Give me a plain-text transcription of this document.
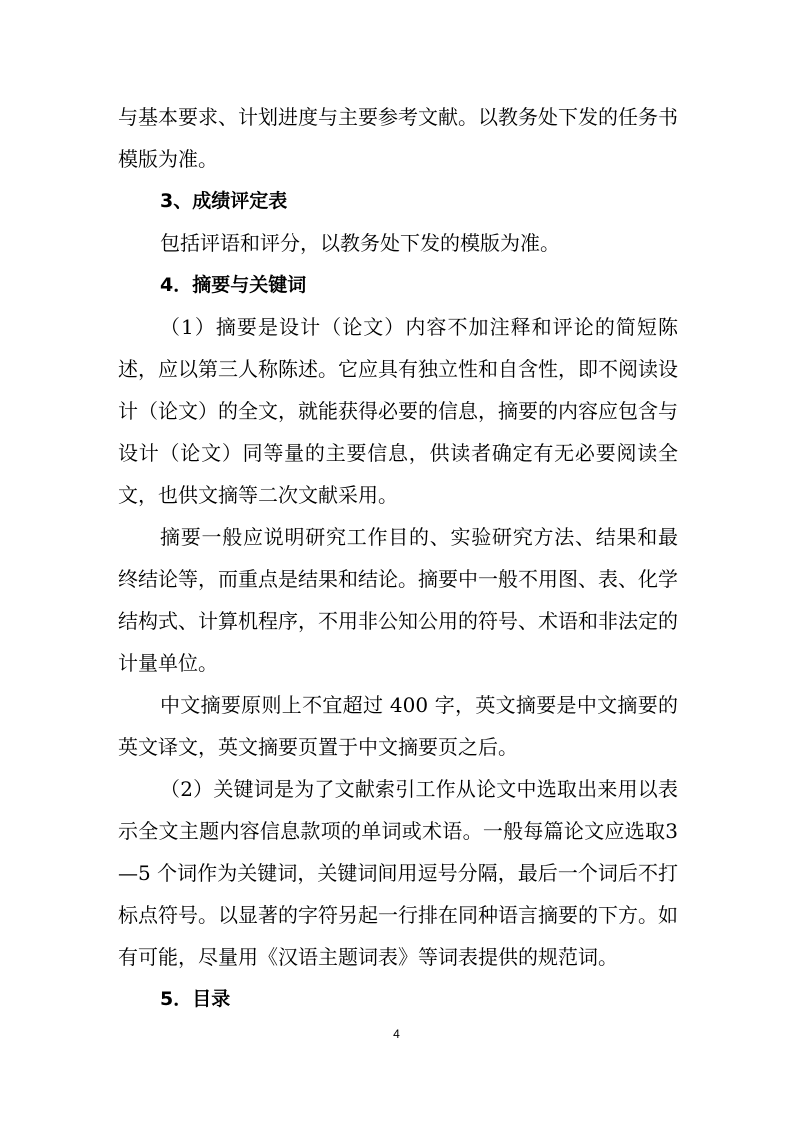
与基本要求、计划进度与主要参考文献。以教务处下发的任务书模版为准。

3、成绩评定表

包括评语和评分，以教务处下发的模版为准。

4．摘要与关键词

（1）摘要是设计（论文）内容不加注释和评论的简短陈述，应以第三人称陈述。它应具有独立性和自含性，即不阅读设计（论文）的全文，就能获得必要的信息，摘要的内容应包含与设计（论文）同等量的主要信息，供读者确定有无必要阅读全文，也供文摘等二次文献采用。

摘要一般应说明研究工作目的、实验研究方法、结果和最终结论等，而重点是结果和结论。摘要中一般不用图、表、化学结构式、计算机程序，不用非公知公用的符号、术语和非法定的计量单位。

中文摘要原则上不宜超过 400 字，英文摘要是中文摘要的英文译文，英文摘要页置于中文摘要页之后。

（2）关键词是为了文献索引工作从论文中选取出来用以表示全文主题内容信息款项的单词或术语。一般每篇论文应选取3—5 个词作为关键词，关键词间用逗号分隔，最后一个词后不打标点符号。以显著的字符另起一行排在同种语言摘要的下方。如有可能，尽量用《汉语主题词表》等词表提供的规范词。

5．目录

4
